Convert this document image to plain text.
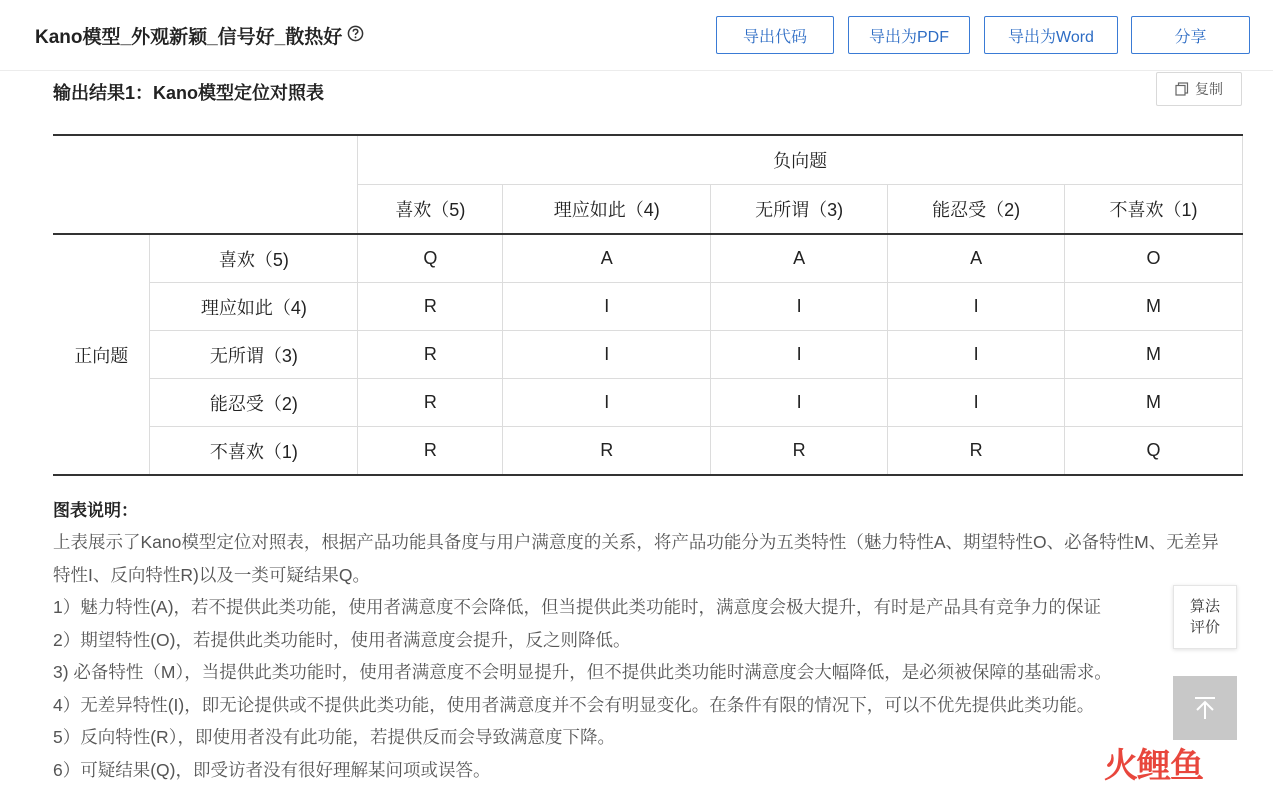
Kano模型_外观新颖_信号好_散热好	导出代码	导出为PDF	导出为Word	分享
输出结果1：Kano模型定位对照表	复制
		负向题				
		喜欢（5)	理应如此（4)	无所谓（3)	能忍受（2)	不喜欢（1)
正向题	喜欢（5)	Q	A	A	A	O
	理应如此（4)	R	I	I	I	M
	无所谓（3)	R	I	I	I	M
	能忍受（2)	R	I	I	I	M
	不喜欢（1)	R	R	R	R	Q
图表说明：

上表展示了Kano模型定位对照表，根据产品功能具备度与用户满意度的关系，将产品功能分为五类特性（魅力特性A、期望特性O、必备特性M、无差异特性I、反向特性R)以及一类可疑结果Q。

1）魅力特性(A)，若不提供此类功能，使用者满意度不会降低，但当提供此类功能时，满意度会极大提升，有时是产品具有竞争力的保证

2）期望特性(O)，若提供此类功能时，使用者满意度会提升，反之则降低。

3) 必备特性（M），当提供此类功能时，使用者满意度不会明显提升，但不提供此类功能时满意度会大幅降低，是必须被保障的基础需求。

4）无差异特性(I)，即无论提供或不提供此类功能，使用者满意度并不会有明显变化。在条件有限的情况下，可以不优先提供此类功能。

5）反向特性(R），即使用者没有此功能，若提供反而会导致满意度下降。

6）可疑结果(Q)，即受访者没有很好理解某问项或误答。

算法
评价
火鲤鱼
